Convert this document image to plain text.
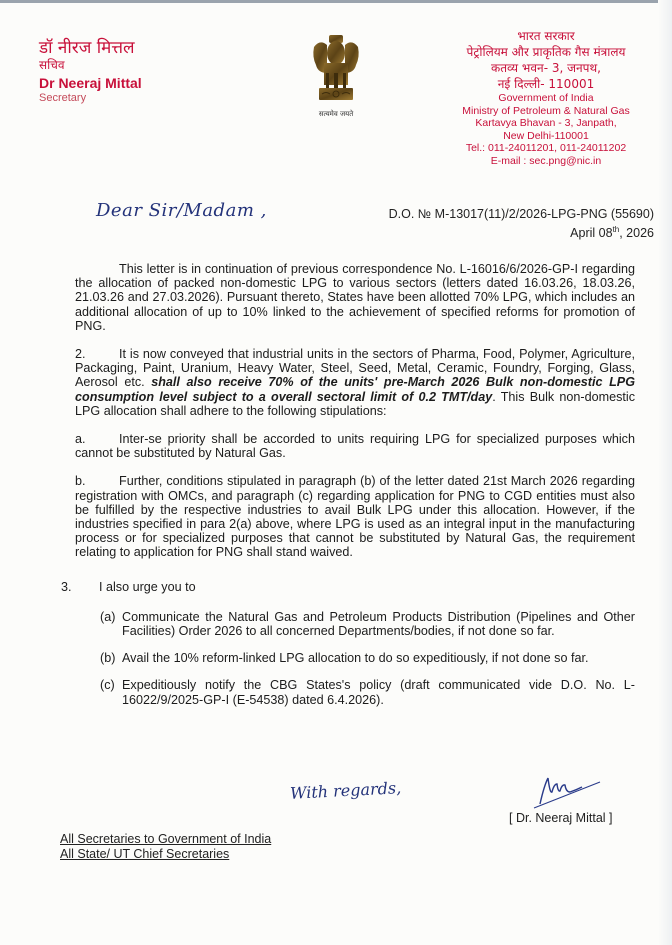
डॉ नीरज मित्तल
सचिव
Dr Neeraj Mittal
Secretary
सत्यमेव जयते
भारत सरकार
पेट्रोलियम और प्राकृतिक गैस मंत्रालय
कतव्य भवन- 3, जनपथ,
नई दिल्ली- 110001
Government of India
Ministry of Petroleum & Natural Gas
Kartavya Bhavan - 3, Janpath,
New Delhi-110001
Tel.: 011-24011201, 011-24011202
E-mail : sec.png@nic.in
Dear Sir/Madam ,	D.O. № M-13017(11)/2/2026-LPG-PNG (55690)
April 08th, 2026

This letter is in continuation of previous correspondence No. L-16016/6/2026-GP-I regarding the allocation of packed non-domestic LPG to various sectors (letters dated 16.03.26, 18.03.26, 21.03.26 and 27.03.2026). Pursuant thereto, States have been allotted 70% LPG, which includes an additional allocation of up to 10% linked to the achievement of specified reforms for promotion of PNG.

2.	It is now conveyed that industrial units in the sectors of Pharma, Food, Polymer, Agriculture, Packaging, Paint, Uranium, Heavy Water, Steel, Seed, Metal, Ceramic, Foundry, Forging, Glass, Aerosol etc. shall also receive 70% of the units' pre-March 2026 Bulk non-domestic LPG consumption level subject to a overall sectoral limit of 0.2 TMT/day. This Bulk non-domestic LPG allocation shall adhere to the following stipulations:

a.	Inter-se priority shall be accorded to units requiring LPG for specialized purposes which cannot be substituted by Natural Gas.

b.	Further, conditions stipulated in paragraph (b) of the letter dated 21st March 2026 regarding registration with OMCs, and paragraph (c) regarding application for PNG to CGD entities must also be fulfilled by the respective industries to avail Bulk LPG under this allocation. However, if the industries specified in para 2(a) above, where LPG is used as an integral input in the manufacturing process or for specialized purposes that cannot be substituted by Natural Gas, the requirement relating to application for PNG shall stand waived.

3. I also urge you to

(a) Communicate the Natural Gas and Petroleum Products Distribution (Pipelines and Other Facilities) Order 2026 to all concerned Departments/bodies, if not done so far.
(b) Avail the 10% reform-linked LPG allocation to do so expeditiously, if not done so far.
(c) Expeditiously notify the CBG States's policy (draft communicated vide D.O. No. L-16022/9/2025-GP-I (E-54538) dated 6.4.2026).
With regards,
[ Dr. Neeraj Mittal ]
All Secretaries to Government of India
All State/ UT Chief Secretaries
